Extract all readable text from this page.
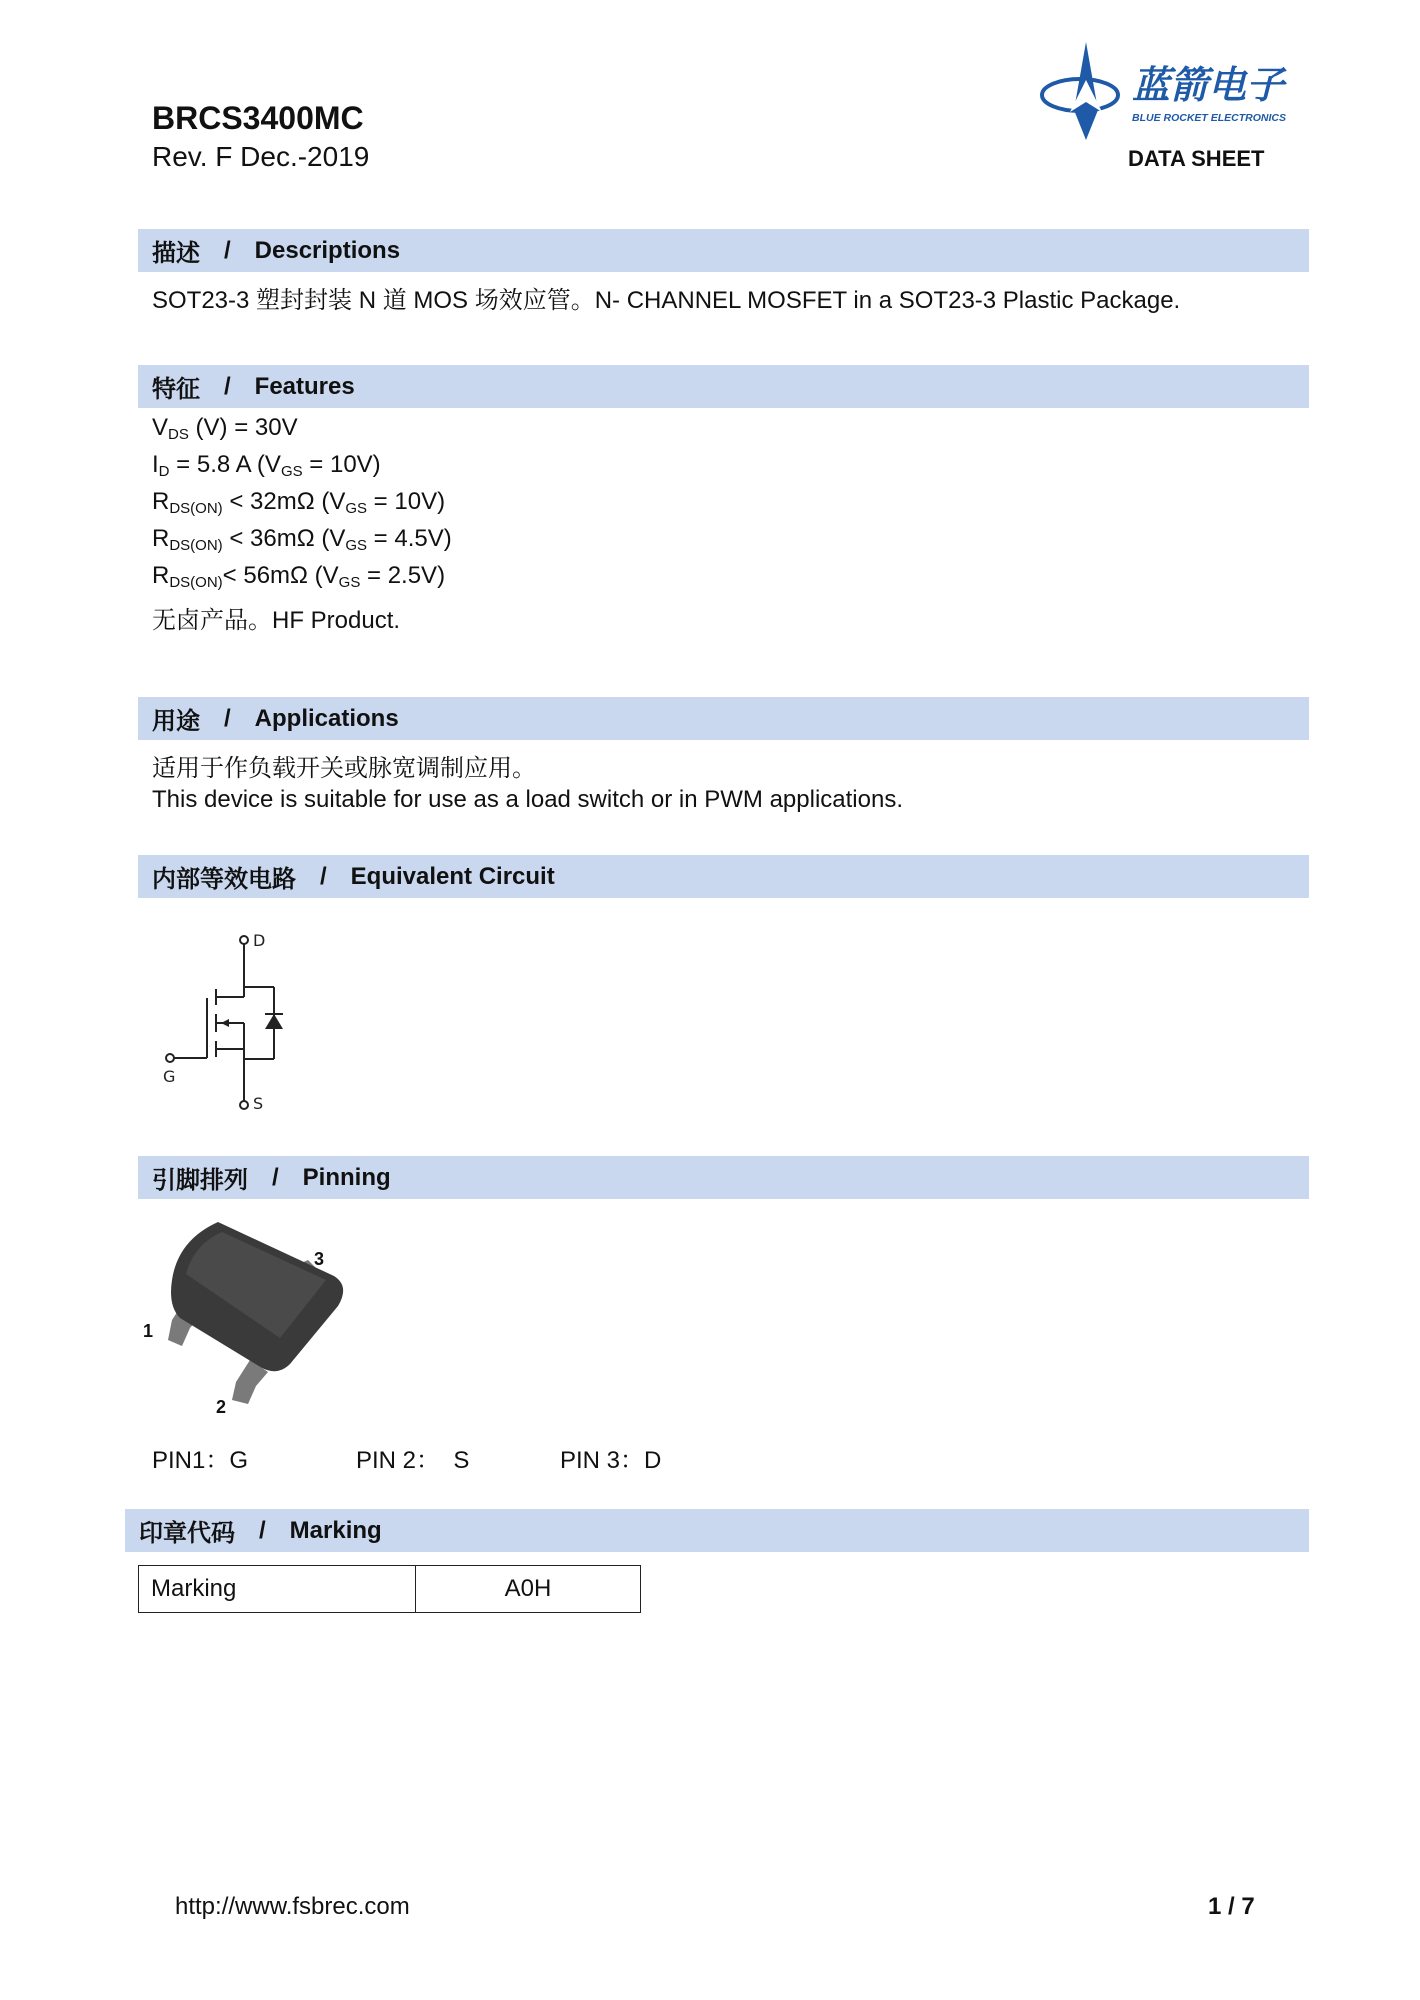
BRCS3400MC
Rev. F Dec.-2019
蓝箭电子
BLUE ROCKET ELECTRONICS
DATA SHEET
描述 / Descriptions
SOT23-3 塑封封装 N 道 MOS 场效应管。N- CHANNEL MOSFET in a SOT23-3 Plastic Package.
特征 / Features
$V_{DS}$ (V) = 30V
$I_D = 5.8$ A $(V_{GS} = 10V)$
$R_{DS(ON)} < 32m\Omega$ $(V_{GS} = 10V)$
$R_{DS(ON)} < 36m\Omega$ $(V_{GS} = 4.5V)$
$R_{DS(ON)}< 56m\Omega$ $(V_{GS} = 2.5V)$
无卤产品。HF Product.
用途 / Applications
适用于作负载开关或脉宽调制应用。
This device is suitable for use as a load switch or in PWM applications.
内部等效电路 / Equivalent Circuit
D
G
S
引脚排列 / Pinning
3
1
2
PIN1：G	PIN 2：  S	PIN 3：D
印章代码 / Marking
Marking	A0H
http://www.fsbrec.com	1 / 7
